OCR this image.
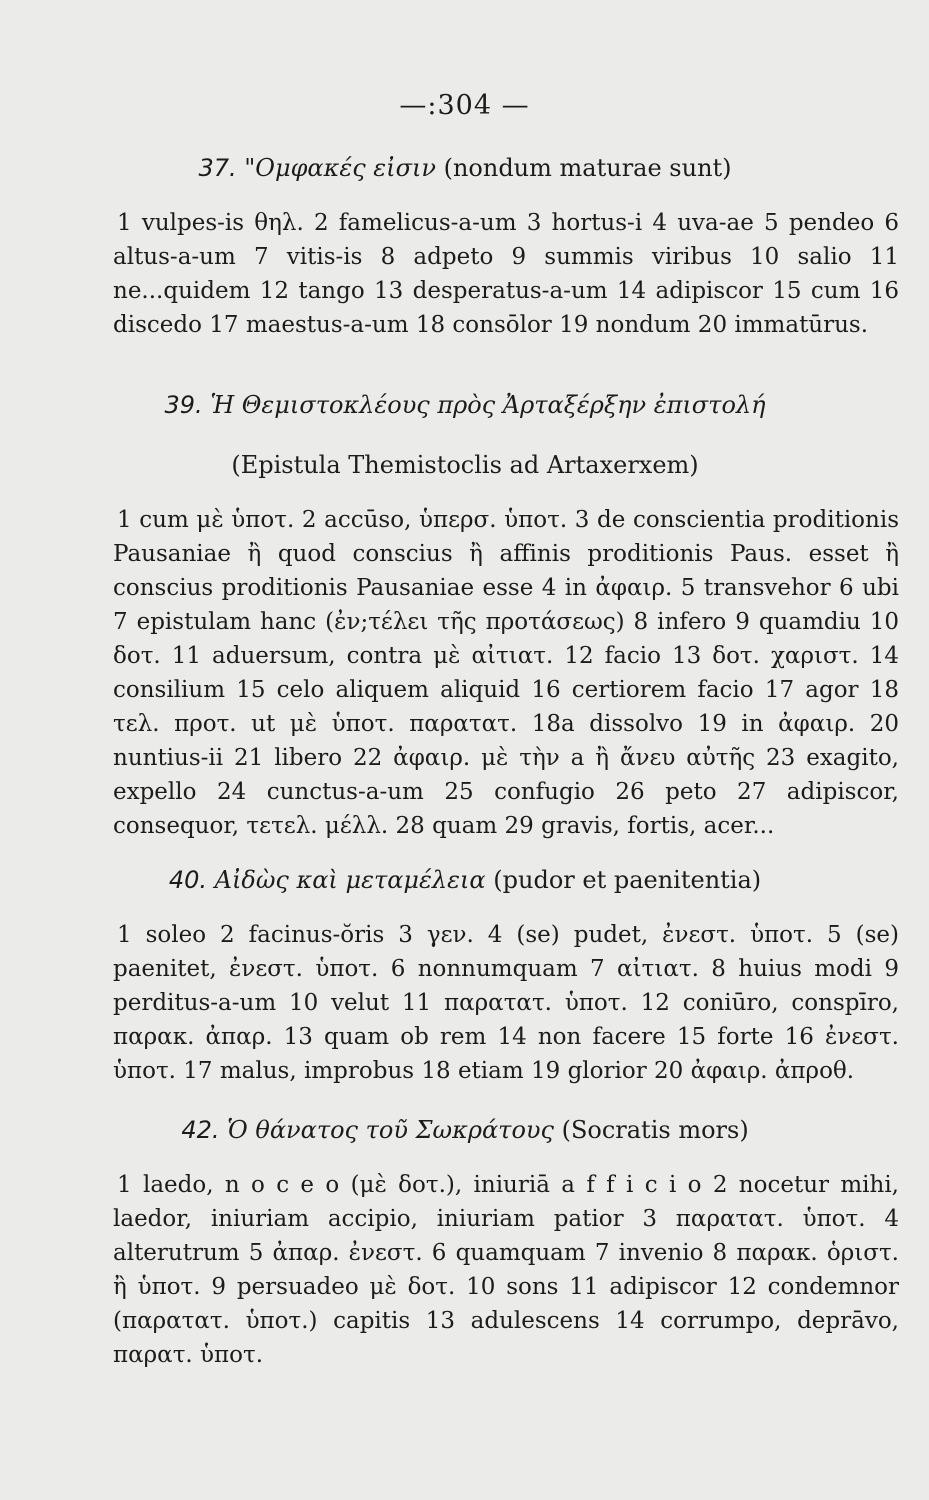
—:304 —
37. "Ομφακές εἰσιν (nondum maturae sunt)
1 vulpes-is θηλ. 2 famelicus-a-um 3 hortus-i 4 uva-ae 5 pendeo 6 altus-a-um 7 vitis-is 8 adpeto 9 summis viribus 10 salio 11 ne...quidem 12 tango 13 desperatus-a-um 14 adipiscor 15 cum 16 discedo 17 maestus-a-um 18 consōlor 19 nondum 20 immatūrus.
39. Ἡ Θεμιστοκλέους πρὸς Ἀρταξέρξην ἐπιστολή
(Epistula Themistoclis ad Artaxerxem)
1 cum μὲ ὑποτ. 2 accūso, ὑπερσ. ὑποτ. 3 de conscientia proditionis Pausaniae ἢ quod conscius ἢ affinis proditionis Paus. esset ἢ conscius proditionis Pausaniae esse 4 in ἀφαιρ. 5 transvehor 6 ubi 7 epistulam hanc (ἐν;τέλει τῆς προτάσεως) 8 infero 9 quamdiu 10 δοτ. 11 aduersum, contra μὲ αἰτιατ. 12 facio 13 δοτ. χαριστ. 14 consilium 15 celo aliquem aliquid 16 certiorem facio 17 agor 18 τελ. προτ. ut μὲ ὑποτ. παρατατ. 18a dissolvo 19 in ἀφαιρ. 20 nuntius-ii 21 libero 22 ἀφαιρ. μὲ τὴν a ἢ ἄνευ αὐτῆς 23 exagito, expello 24 cunctus-a-um 25 confugio 26 peto 27 adipiscor, consequor, τετελ. μέλλ. 28 quam 29 gravis, fortis, acer...
40. Αἰδὼς καὶ μεταμέλεια (pudor et paenitentia)
1 soleo 2 facinus-ŏris 3 γεν. 4 (se) pudet, ἐνεστ. ὑποτ. 5 (se) paenitet, ἐνεστ. ὑποτ. 6 nonnumquam 7 αἰτιατ. 8 huius modi 9 perditus-a-um 10 velut 11 παρατατ. ὑποτ. 12 coniūro, conspīro, παρακ. ἀπαρ. 13 quam ob rem 14 non facere 15 forte 16 ἐνεστ. ὑποτ. 17 malus, improbus 18 etiam 19 glorior 20 ἀφαιρ. ἀπροθ.
42. Ὁ θάνατος τοῦ Σωκράτους (Socratis mors)
1 laedo, n o c e o (μὲ δοτ.), iniuriā a f f i c i o 2 nocetur mihi, laedor, iniuriam accipio, iniuriam patior 3 παρατατ. ὑποτ. 4 alterutrum 5 ἀπαρ. ἐνεστ. 6 quamquam 7 invenio 8 παρακ. ὁριστ. ἢ ὑποτ. 9 persuadeo μὲ δοτ. 10 sons 11 adipiscor 12 condemnor (παρατατ. ὑποτ.) capitis 13 adulescens 14 corrumpo, deprāvo, παρατ. ὑποτ.
